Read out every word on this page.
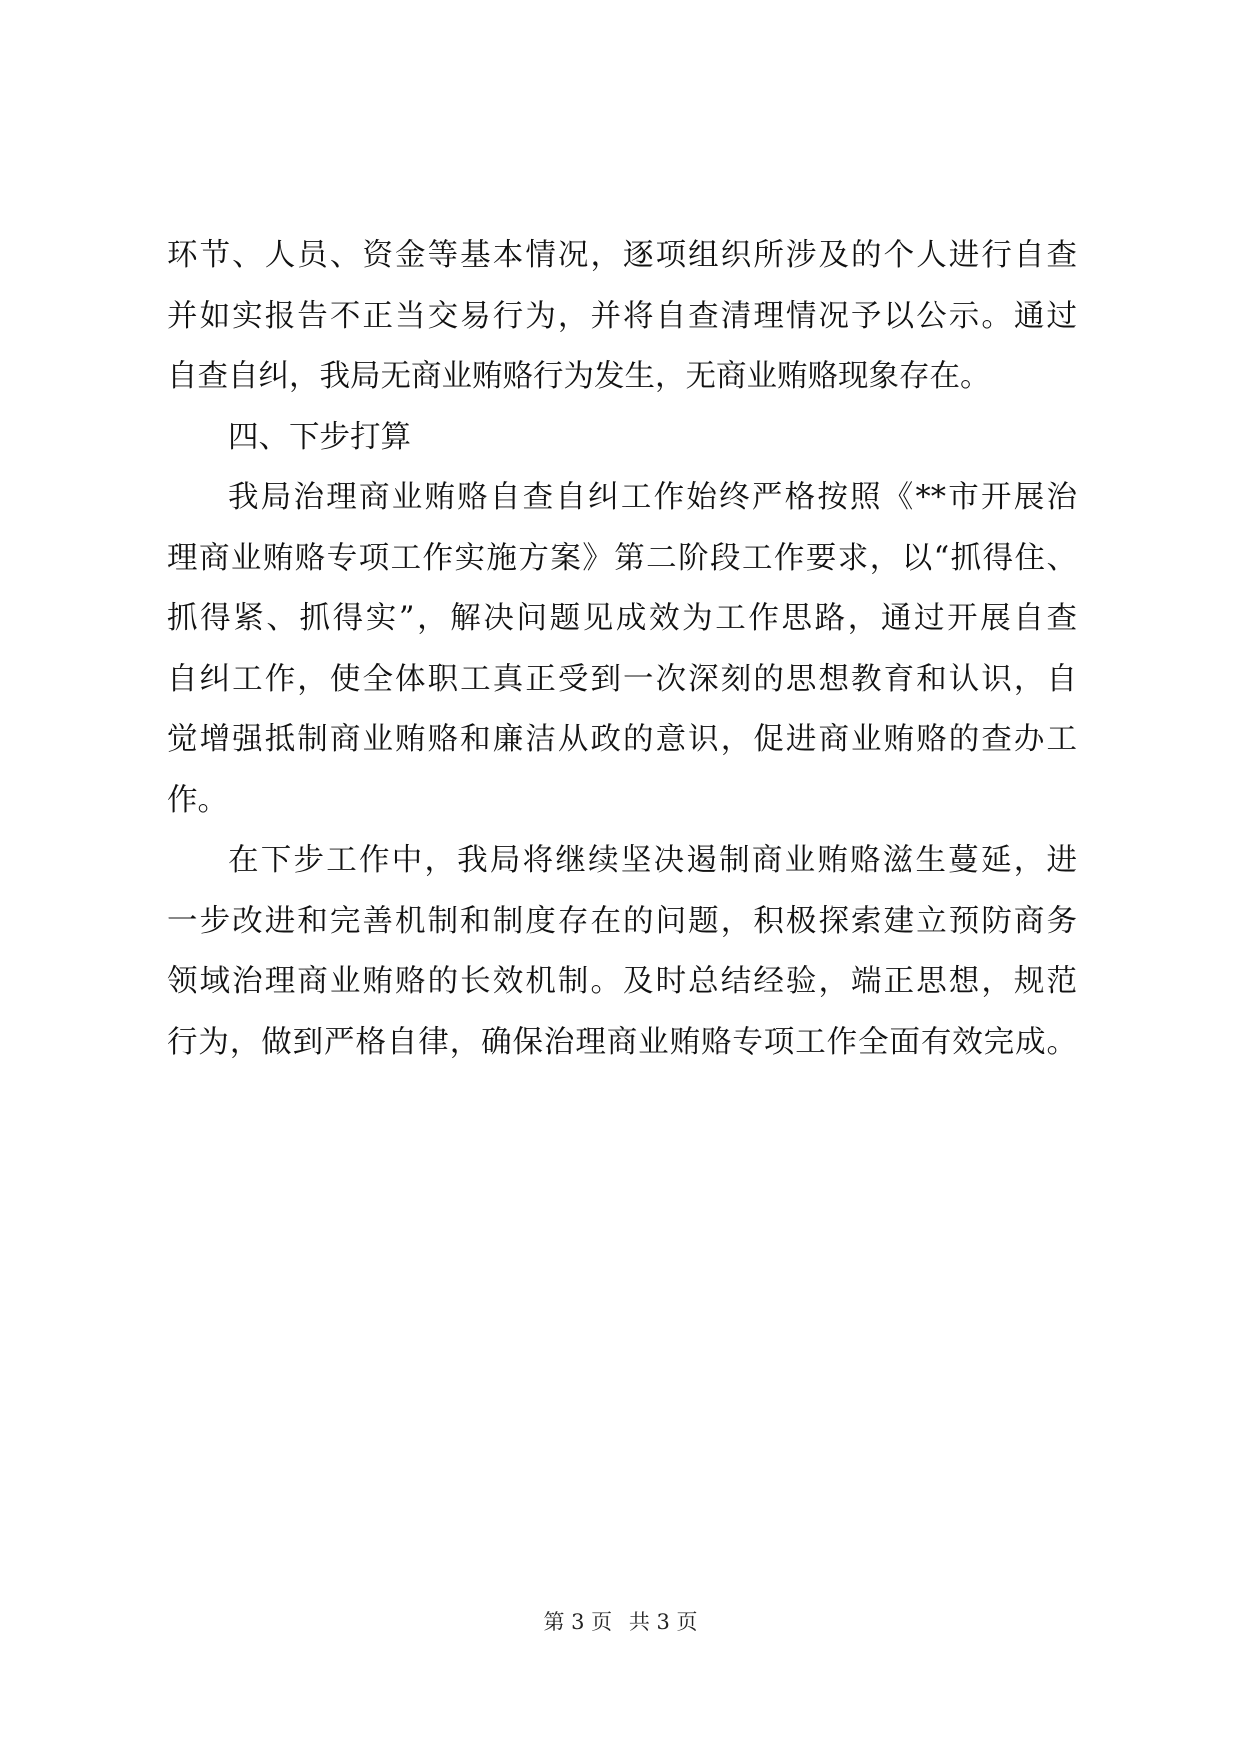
环节、人员、资金等基本情况，逐项组织所涉及的个人进行自查
并如实报告不正当交易行为，并将自查清理情况予以公示。通过
自查自纠，我局无商业贿赂行为发生，无商业贿赂现象存在。
四、下步打算
我局治理商业贿赂自查自纠工作始终严格按照《**市开展治
理商业贿赂专项工作实施方案》第二阶段工作要求，以“抓得住、
抓得紧、抓得实”，解决问题见成效为工作思路，通过开展自查
自纠工作，使全体职工真正受到一次深刻的思想教育和认识，自
觉增强抵制商业贿赂和廉洁从政的意识，促进商业贿赂的查办工
作。
在下步工作中，我局将继续坚决遏制商业贿赂滋生蔓延，进
一步改进和完善机制和制度存在的问题，积极探索建立预防商务
领域治理商业贿赂的长效机制。及时总结经验，端正思想，规范
行为，做到严格自律，确保治理商业贿赂专项工作全面有效完成。
第 3 页 共 3 页
